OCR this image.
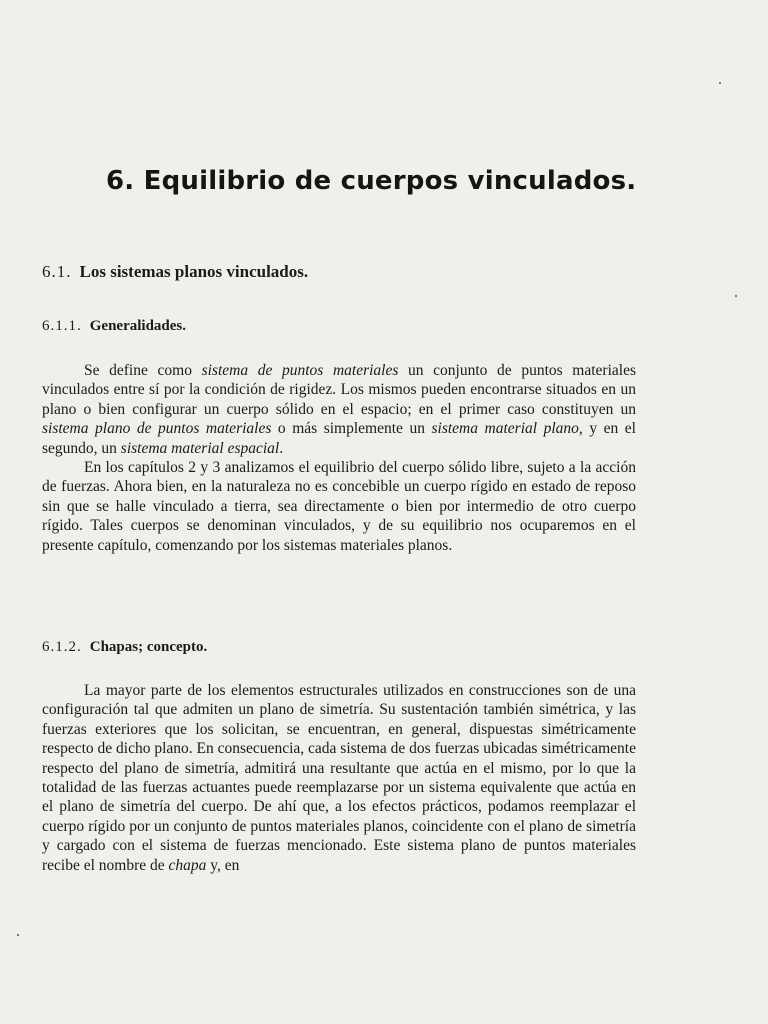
6. Equilibrio de cuerpos vinculados.
6.1. Los sistemas planos vinculados.
6.1.1. Generalidades.

Se define como sistema de puntos materiales un conjunto de puntos materiales vinculados entre sí por la condición de rigidez. Los mismos pueden encontrarse situados en un plano o bien configurar un cuerpo sólido en el espacio; en el primer caso constituyen un sistema plano de puntos materiales o más simplemente un sistema material plano, y en el segundo, un sistema material espacial.

En los capítulos 2 y 3 analizamos el equilibrio del cuerpo sólido libre, sujeto a la acción de fuerzas. Ahora bien, en la naturaleza no es concebible un cuerpo rígido en estado de reposo sin que se halle vinculado a tierra, sea directamente o bien por intermedio de otro cuerpo rígido. Tales cuerpos se denominan vinculados, y de su equilibrio nos ocuparemos en el presente capítulo, comenzando por los sistemas materiales planos.

6.1.2. Chapas; concepto.

La mayor parte de los elementos estructurales utilizados en construcciones son de una configuración tal que admiten un plano de simetría. Su sustentación también simétrica, y las fuerzas exteriores que los solicitan, se encuentran, en general, dispuestas simétricamente respecto de dicho plano. En consecuencia, cada sistema de dos fuerzas ubicadas simétricamente respecto del plano de simetría, admitirá una resultante que actúa en el mismo, por lo que la totalidad de las fuerzas actuantes puede reemplazarse por un sistema equivalente que actúa en el plano de simetría del cuerpo. De ahí que, a los efectos prácticos, podamos reemplazar el cuerpo rígido por un conjunto de puntos materiales planos, coincidente con el plano de simetría y cargado con el sistema de fuerzas mencionado. Este sistema plano de puntos materiales recibe el nombre de chapa y, en
